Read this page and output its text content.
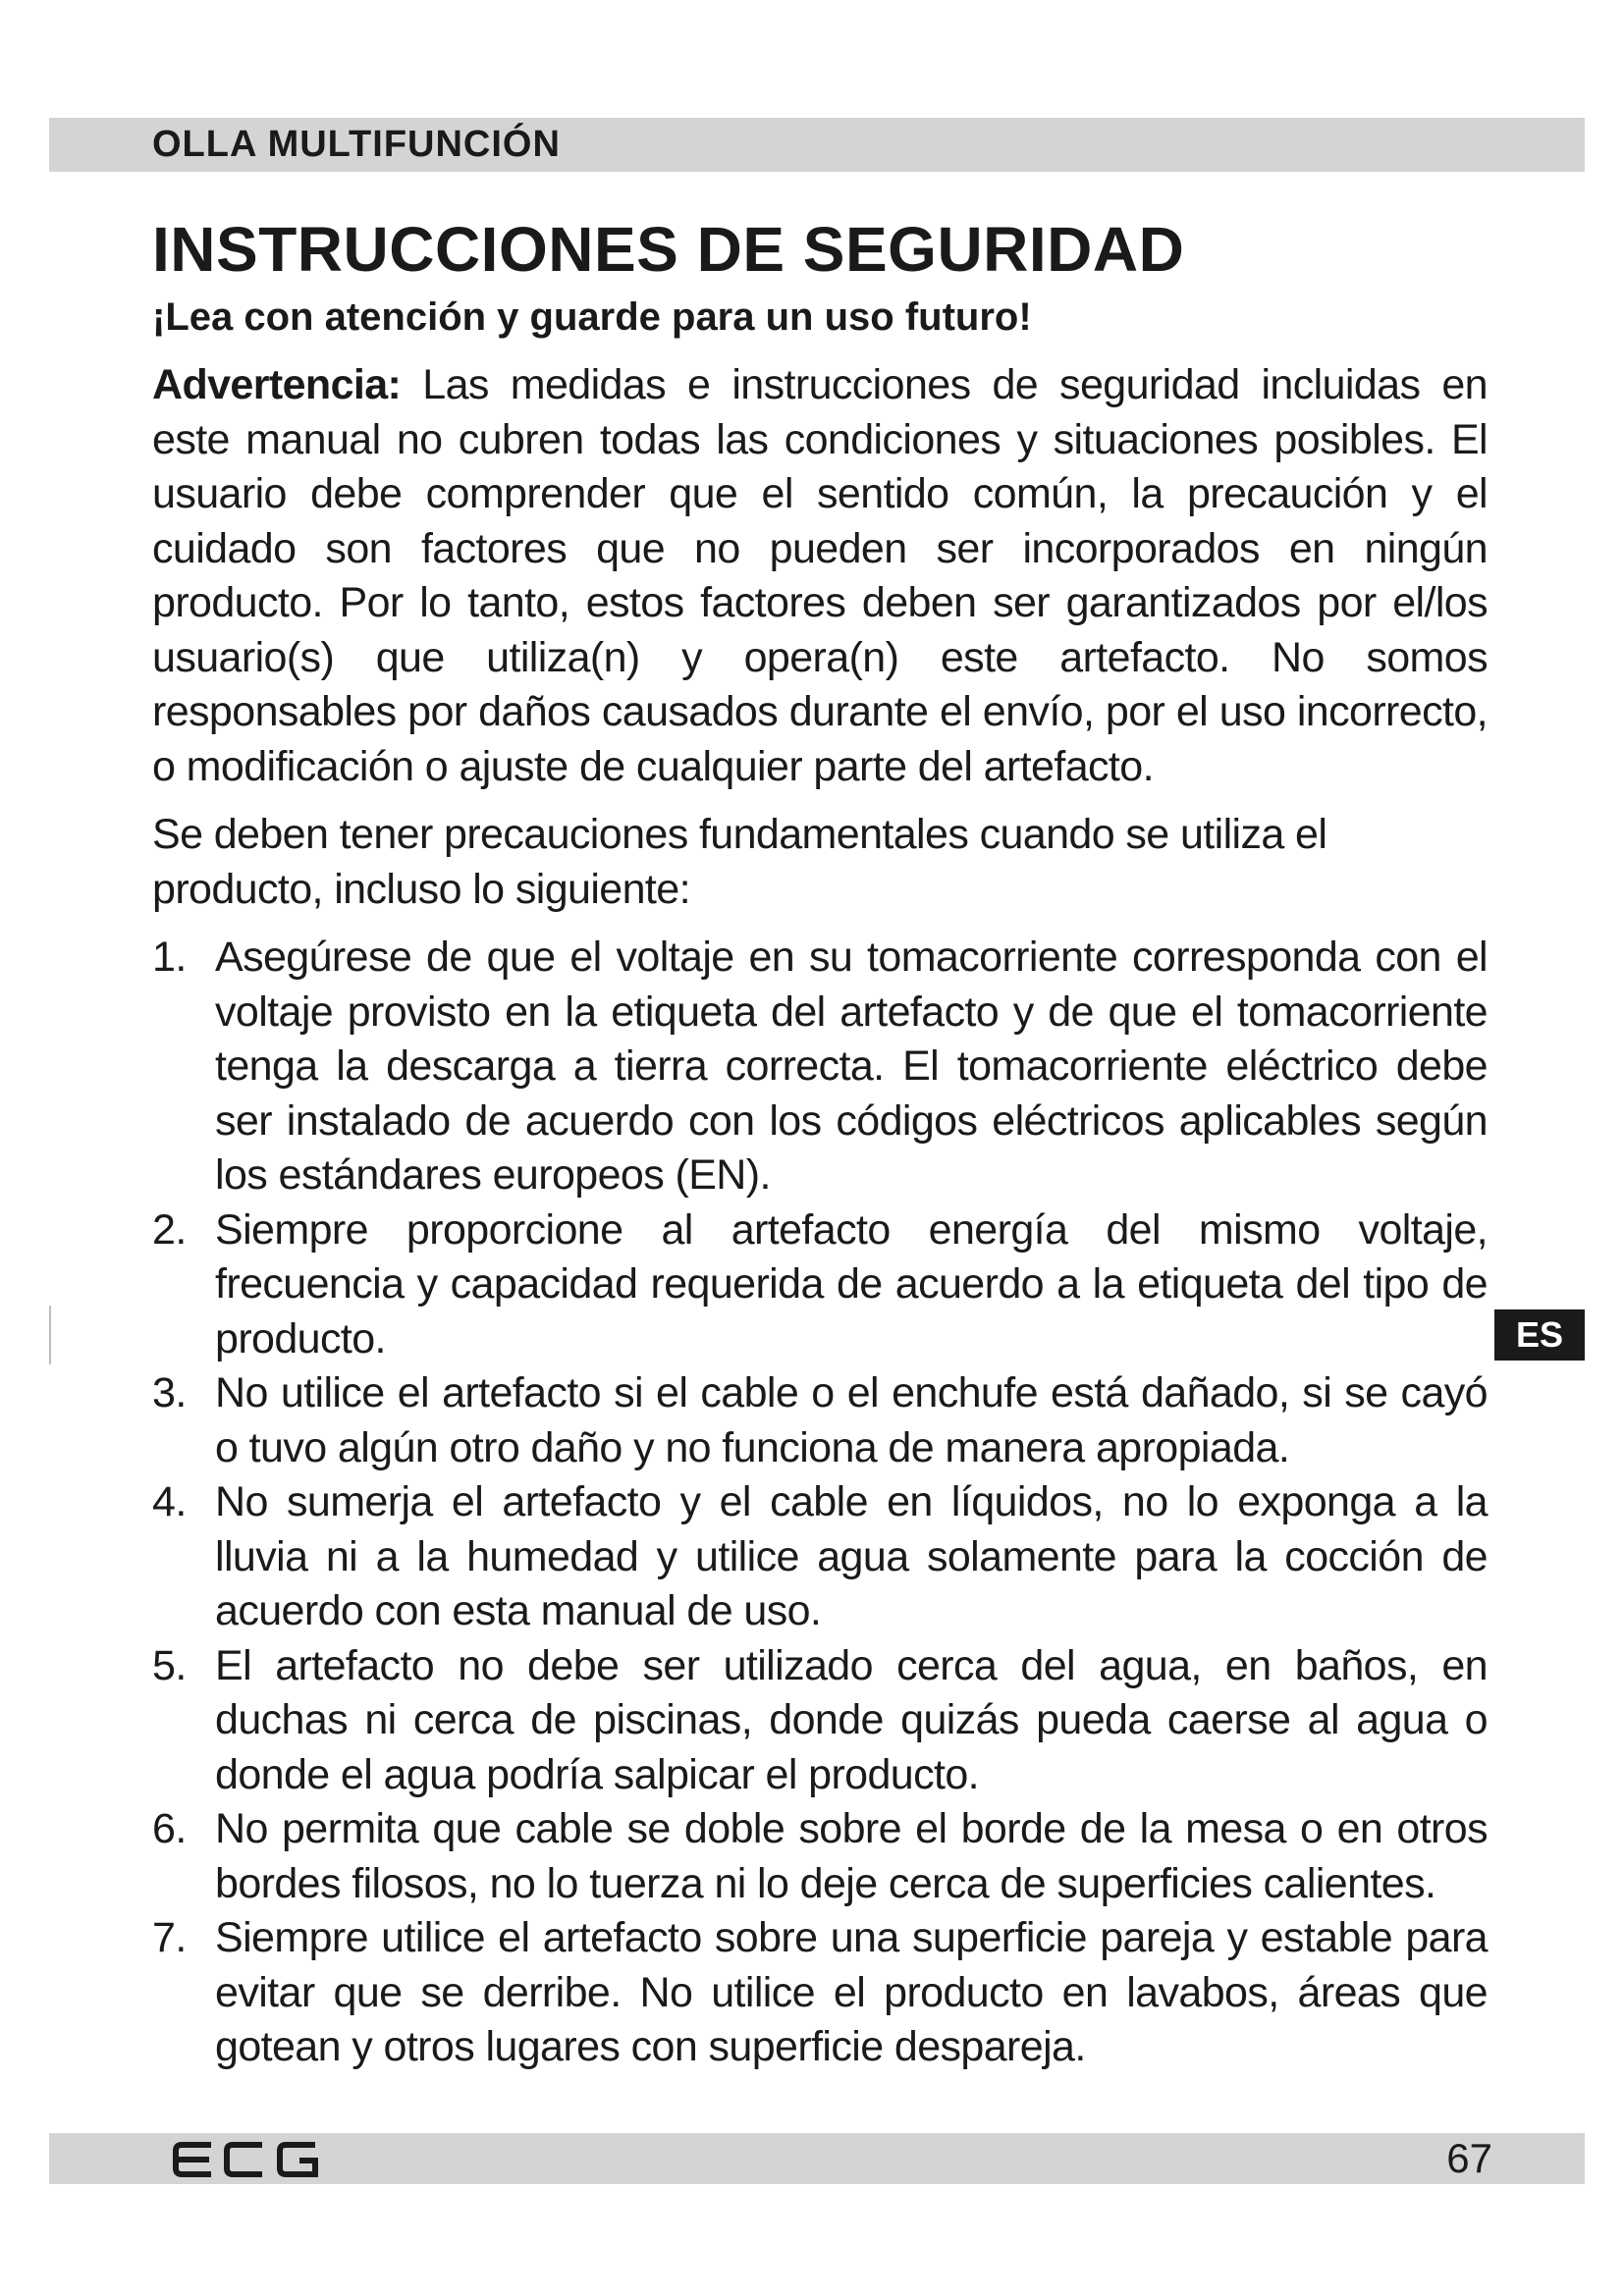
OLLA MULTIFUNCIÓN
INSTRUCCIONES DE SEGURIDAD
¡Lea con atención y guarde para un uso futuro!

Advertencia: Las medidas e instrucciones de seguridad incluidas en este manual no cubren todas las condiciones y situaciones posibles. El usuario debe comprender que el sentido común, la precaución y el cuidado son factores que no pueden ser incorporados en ningún producto. Por lo tanto, estos factores deben ser garantizados por el/los usuario(s) que utiliza(n) y opera(n) este artefacto. No somos responsables por daños causados durante el envío, por el uso incorrecto, o modificación o ajuste de cualquier parte del artefacto.

Se deben tener precauciones fundamentales cuando se utiliza el producto, incluso lo siguiente:

1. Asegúrese de que el voltaje en su tomacorriente corresponda con el voltaje provisto en la etiqueta del artefacto y de que el tomacorriente tenga la descarga a tierra correcta. El tomacorriente eléctrico debe ser instalado de acuerdo con los códigos eléctricos aplicables según los estándares europeos (EN).
2. Siempre proporcione al artefacto energía del mismo voltaje, frecuencia y capacidad requerida de acuerdo a la etiqueta del tipo de producto.
3. No utilice el artefacto si el cable o el enchufe está dañado, si se cayó o tuvo algún otro daño y no funciona de manera apropiada.
4. No sumerja el artefacto y el cable en líquidos, no lo exponga a la lluvia ni a la humedad y utilice agua solamente para la cocción de acuerdo con esta manual de uso.
5. El artefacto no debe ser utilizado cerca del agua, en baños, en duchas ni cerca de piscinas, donde quizás pueda caerse al agua o donde el agua podría salpicar el producto.
6. No permita que cable se doble sobre el borde de la mesa o en otros bordes filosos, no lo tuerza ni lo deje cerca de superficies calientes.
7. Siempre utilice el artefacto sobre una superficie pareja y estable para evitar que se derribe. No utilice el producto en lavabos, áreas que gotean y otros lugares con superficie despareja.
ES
67
